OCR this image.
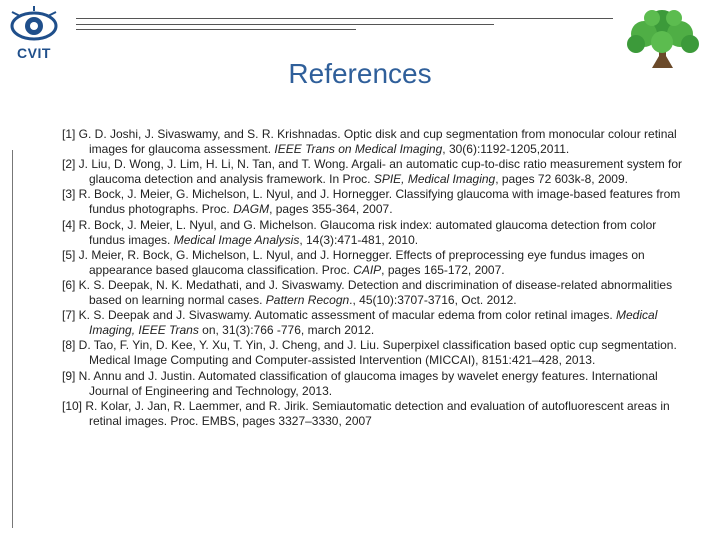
CVIT
References

[1] G. D. Joshi, J. Sivaswamy, and S. R. Krishnadas. Optic disk and cup segmentation from monocular colour retinal images for glaucoma assessment. IEEE Trans on Medical Imaging, 30(6):1192-1205,2011.

[2] J. Liu, D. Wong, J. Lim, H. Li, N. Tan, and T. Wong. Argali- an automatic cup-to-disc ratio measurement system for glaucoma detection and analysis framework. In Proc. SPIE, Medical Imaging, pages 72 603k-8, 2009.

[3] R. Bock, J. Meier, G. Michelson, L. Nyul, and J. Hornegger. Classifying glaucoma with image-based features from fundus photographs. Proc. DAGM, pages 355-364, 2007.

[4] R. Bock, J. Meier, L. Nyul, and G. Michelson. Glaucoma risk index: automated glaucoma detection from color fundus images. Medical Image Analysis, 14(3):471-481, 2010.

[5] J. Meier, R. Bock, G. Michelson, L. Nyul, and J. Hornegger. Effects of preprocessing eye fundus images on appearance based glaucoma classification. Proc. CAIP, pages 165-172, 2007.

[6] K. S. Deepak, N. K. Medathati, and J. Sivaswamy. Detection and discrimination of disease-related abnormalities based on learning normal cases. Pattern Recogn., 45(10):3707-3716, Oct. 2012.

[7] K. S. Deepak and J. Sivaswamy. Automatic assessment of macular edema from color retinal images. Medical Imaging, IEEE Trans on, 31(3):766 -776, march 2012.

[8] D. Tao, F. Yin, D. Kee, Y. Xu, T. Yin, J. Cheng, and J. Liu. Superpixel classification based optic cup segmentation. Medical Image Computing and Computer-assisted Intervention (MICCAI), 8151:421–428, 2013.

[9] N. Annu and J. Justin. Automated classification of glaucoma images by wavelet energy features. International Journal of Engineering and Technology, 2013.

[10] R. Kolar, J. Jan, R. Laemmer, and R. Jirik. Semiautomatic detection and evaluation of autofluorescent areas in retinal images. Proc. EMBS, pages 3327–3330, 2007
